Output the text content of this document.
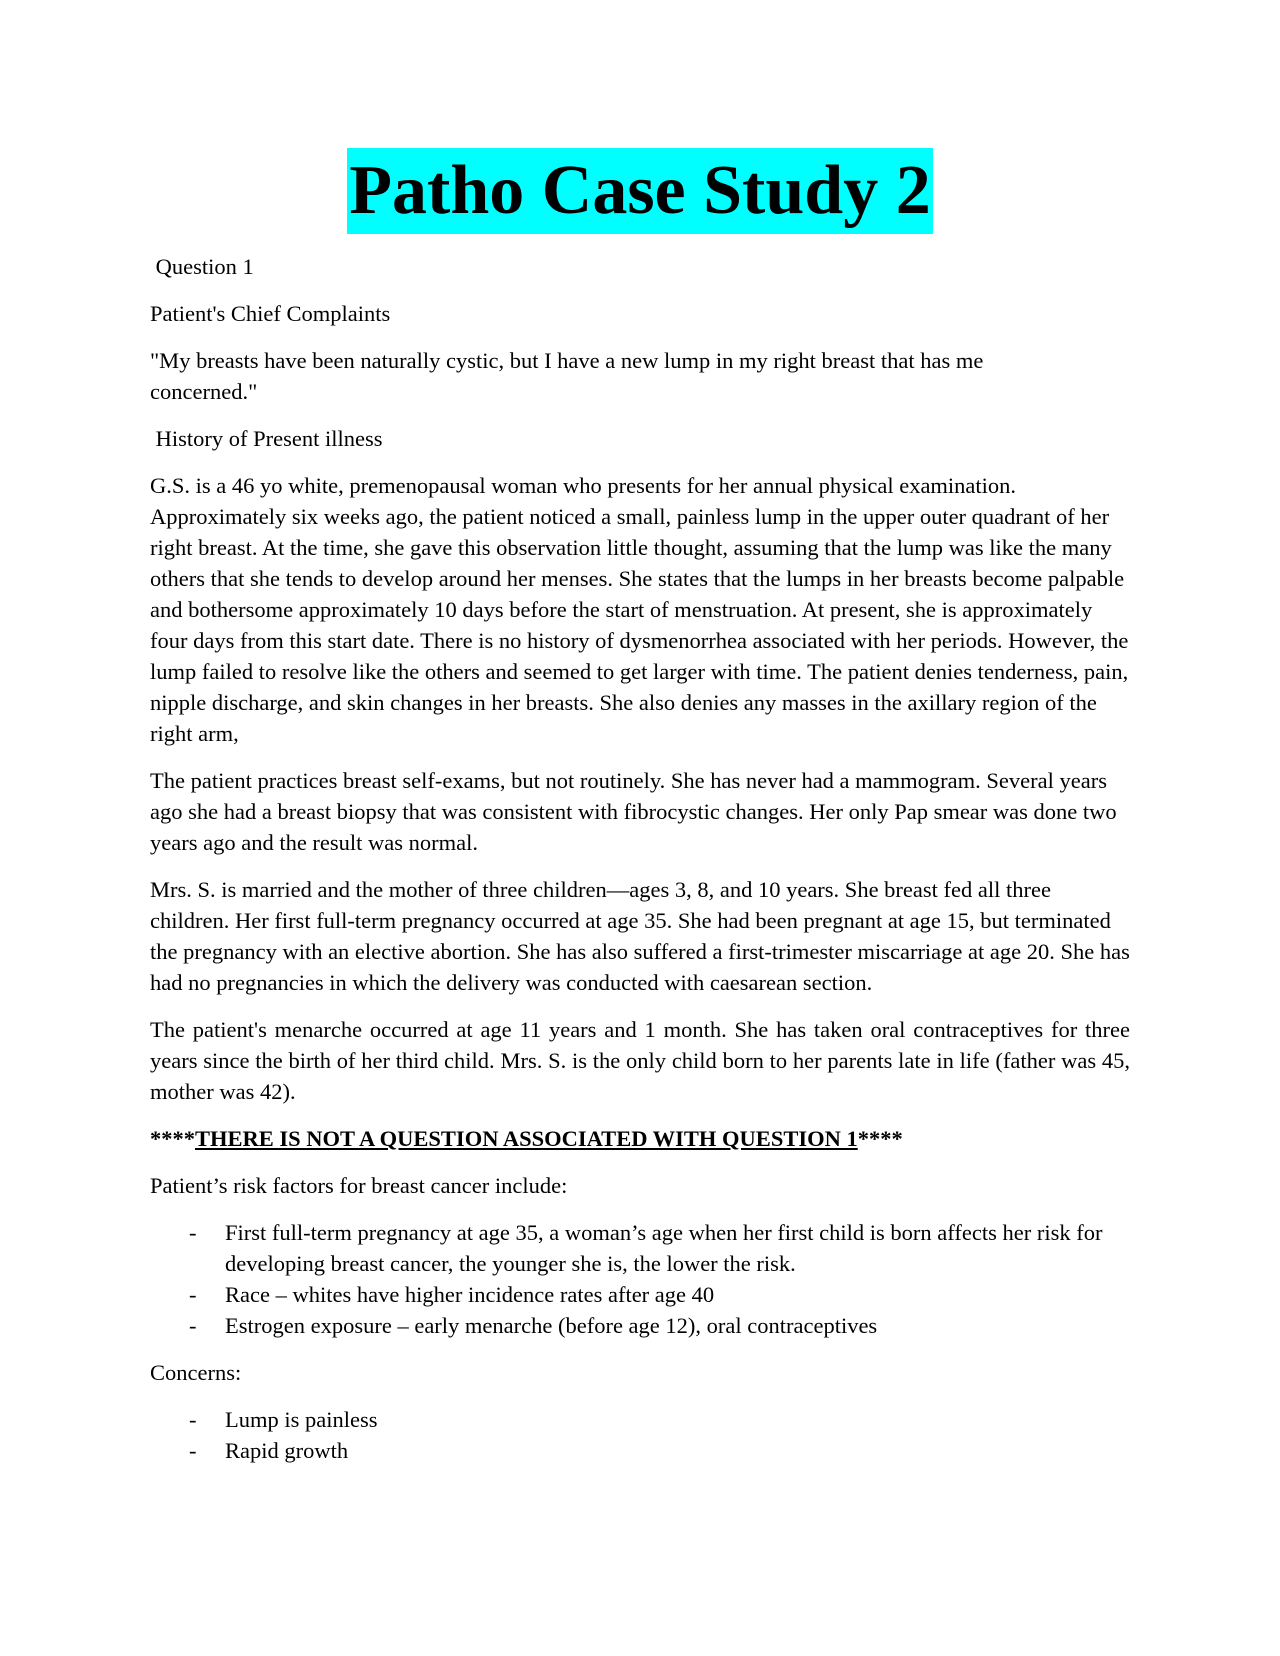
Patho Case Study 2

Question 1

Patient's Chief Complaints

"My breasts have been naturally cystic, but I have a new lump in my right breast that has me concerned."

History of Present illness

G.S. is a 46 yo white, premenopausal woman who presents for her annual physical examination. Approximately six weeks ago, the patient noticed a small, painless lump in the upper outer quadrant of her right breast. At the time, she gave this observation little thought, assuming that the lump was like the many others that she tends to develop around her menses. She states that the lumps in her breasts become palpable and bothersome approximately 10 days before the start of menstruation. At present, she is approximately four days from this start date. There is no history of dysmenorrhea associated with her periods. However, the lump failed to resolve like the others and seemed to get larger with time. The patient denies tenderness, pain, nipple discharge, and skin changes in her breasts. She also denies any masses in the axillary region of the right arm,

The patient practices breast self-exams, but not routinely. She has never had a mammogram. Several years ago she had a breast biopsy that was consistent with fibrocystic changes. Her only Pap smear was done two years ago and the result was normal.

Mrs. S. is married and the mother of three children—ages 3, 8, and 10 years. She breast fed all three children. Her first full-term pregnancy occurred at age 35. She had been pregnant at age 15, but terminated the pregnancy with an elective abortion. She has also suffered a first-trimester miscarriage at age 20. She has had no pregnancies in which the delivery was conducted with caesarean section.

The patient's menarche occurred at age 11 years and 1 month. She has taken oral contraceptives for three years since the birth of her third child. Mrs. S. is the only child born to her parents late in life (father was 45, mother was 42).

****THERE IS NOT A QUESTION ASSOCIATED WITH QUESTION 1****

Patient’s risk factors for breast cancer include:

- First full-term pregnancy at age 35, a woman’s age when her first child is born affects her risk for developing breast cancer, the younger she is, the lower the risk.
- Race – whites have higher incidence rates after age 40
- Estrogen exposure – early menarche (before age 12), oral contraceptives

Concerns:

- Lump is painless
- Rapid growth
